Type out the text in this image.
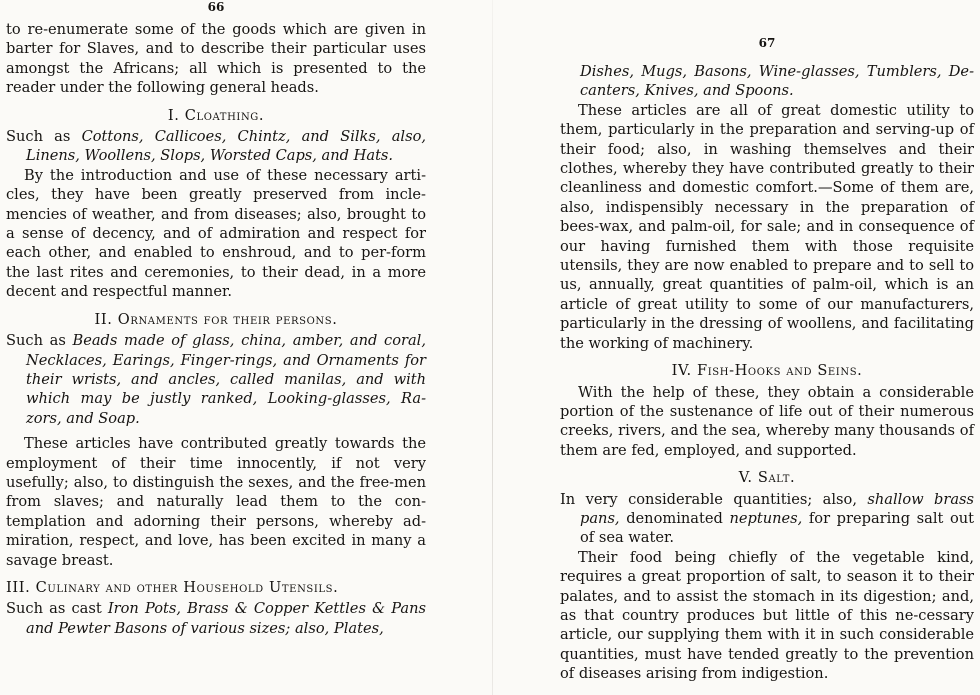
66

to re-enumerate some of the goods which are given in barter for Slaves, and to describe their particular uses amongst the Africans; all which is presented to the reader under the following general heads.

I. Cloathing.

Such as Cottons, Callicoes, Chintz, and Silks, also, Linens, Woollens, Slops, Worsted Caps, and Hats.

By the introduction and use of these necessary arti-cles, they have been greatly preserved from incle-mencies of weather, and from diseases; also, brought to a sense of decency, and of admiration and respect for each other, and enabled to enshroud, and to per-form the last rites and ceremonies, to their dead, in a more decent and respectful manner.

II. Ornaments for their persons.

Such as Beads made of glass, china, amber, and coral, Necklaces, Earings, Finger-rings, and Ornaments for their wrists, and ancles, called manilas, and with which may be justly ranked, Looking-glasses, Ra-zors, and Soap.

These articles have contributed greatly towards the employment of their time innocently, if not very usefully; also, to distinguish the sexes, and the free-men from slaves; and naturally lead them to the con-templation and adorning their persons, whereby ad-miration, respect, and love, has been excited in many a savage breast.

III. Culinary and other Household Utensils.

Such as cast Iron Pots, Brass & Copper Kettles & Pans and Pewter Basons of various sizes; also, Plates,

67

Dishes, Mugs, Basons, Wine-glasses, Tumblers, De-canters, Knives, and Spoons.

These articles are all of great domestic utility to them, particularly in the preparation and serving-up of their food; also, in washing themselves and their clothes, whereby they have contributed greatly to their cleanliness and domestic comfort.—Some of them are, also, indispensibly necessary in the preparation of bees-wax, and palm-oil, for sale; and in consequence of our having furnished them with those requisite utensils, they are now enabled to prepare and to sell to us, annually, great quantities of palm-oil, which is an article of great utility to some of our manufacturers, particularly in the dressing of woollens, and facilitating the working of machinery.

IV. Fish-Hooks and Seins.

With the help of these, they obtain a considerable portion of the sustenance of life out of their numerous creeks, rivers, and the sea, whereby many thousands of them are fed, employed, and supported.

V. Salt.

In very considerable quantities; also, shallow brass pans, denominated neptunes, for preparing salt out of sea water.

Their food being chiefly of the vegetable kind, requires a great proportion of salt, to season it to their palates, and to assist the stomach in its digestion; and, as that country produces but little of this ne-cessary article, our supplying them with it in such considerable quantities, must have tended greatly to the prevention of diseases arising from indigestion.
